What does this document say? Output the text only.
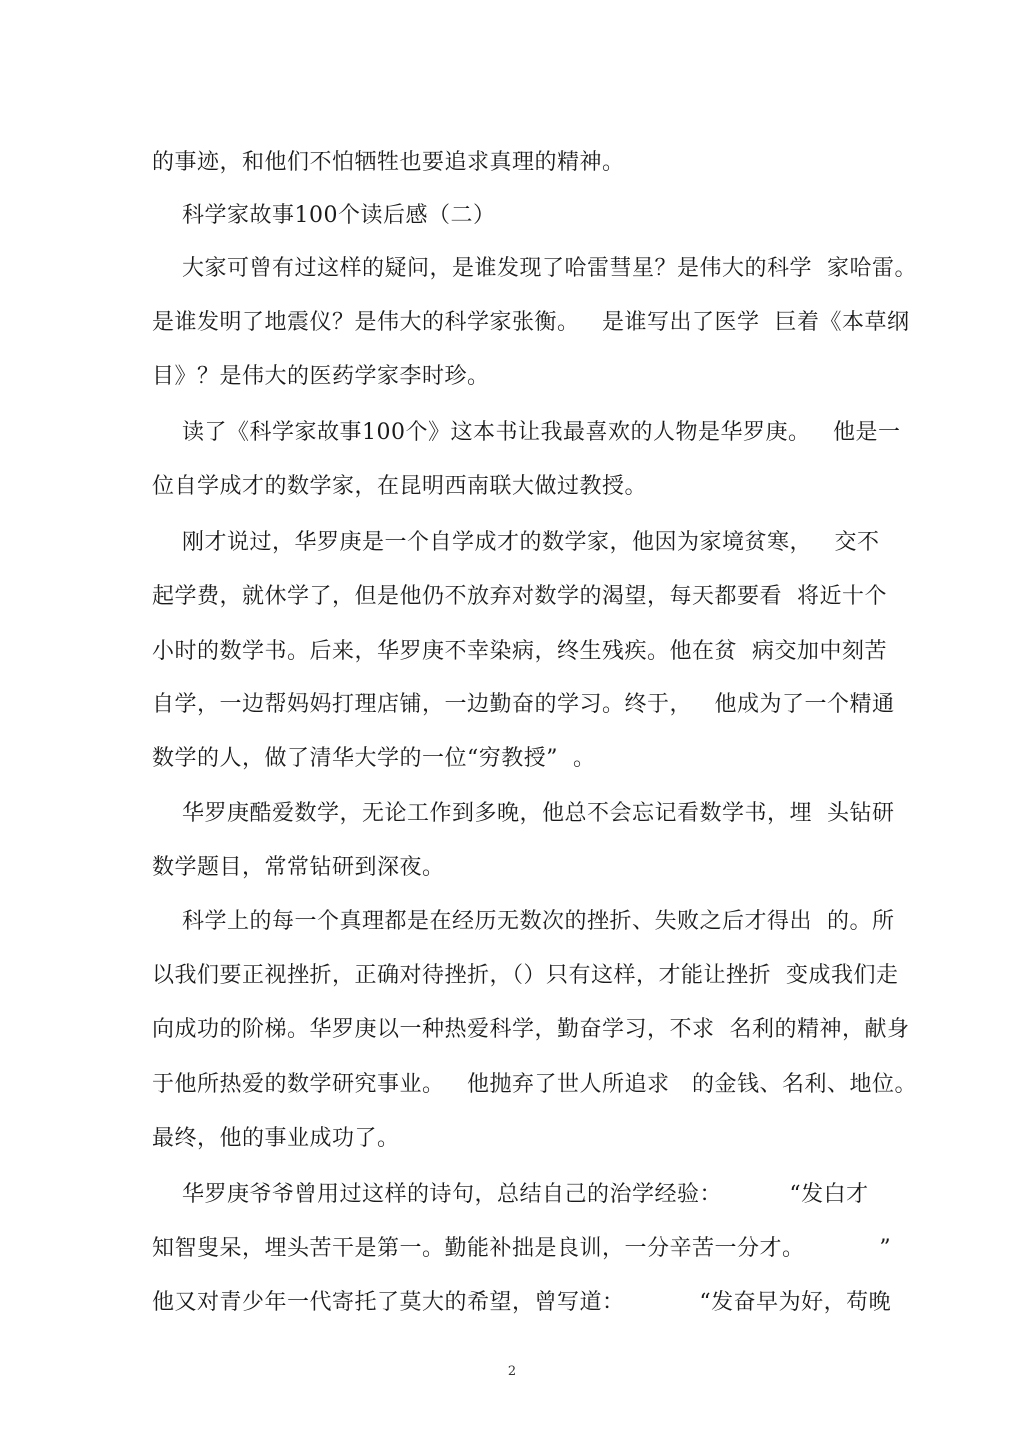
的事迹，和他们不怕牺牲也要追求真理的精神。
科学家故事100个读后感（二）
大家可曾有过这样的疑问，是谁发现了哈雷彗星？是伟大的科学  家哈雷。
是谁发明了地震仪？是伟大的科学家张衡。   是谁写出了医学  巨着《本草纲
目》？是伟大的医药学家李时珍。
读了《科学家故事100个》这本书让我最喜欢的人物是华罗庚。   他是一
位自学成才的数学家，在昆明西南联大做过教授。
刚才说过，华罗庚是一个自学成才的数学家，他因为家境贫寒，   交不
起学费，就休学了，但是他仍不放弃对数学的渴望，每天都要看  将近十个
小时的数学书。后来，华罗庚不幸染病，终生残疾。他在贫  病交加中刻苦
自学，一边帮妈妈打理店铺，一边勤奋的学习。终于，   他成为了一个精通
数学的人，做了清华大学的一位“穷教授”  。
华罗庚酷爱数学，无论工作到多晚，他总不会忘记看数学书，埋  头钻研
数学题目，常常钻研到深夜。
科学上的每一个真理都是在经历无数次的挫折、失败之后才得出  的。所
以我们要正视挫折，正确对待挫折，（）只有这样，才能让挫折  变成我们走
向成功的阶梯。华罗庚以一种热爱科学，勤奋学习，不求  名利的精神，献身
于他所热爱的数学研究事业。   他抛弃了世人所追求   的金钱、名利、地位。
最终，他的事业成功了。
华罗庚爷爷曾用过这样的诗句，总结自己的治学经验：         “发白才
知智叟呆，埋头苦干是第一。勤能补拙是良训，一分辛苦一分才。          ”
他又对青少年一代寄托了莫大的希望，曾写道：          “发奋早为好，苟晚
2
